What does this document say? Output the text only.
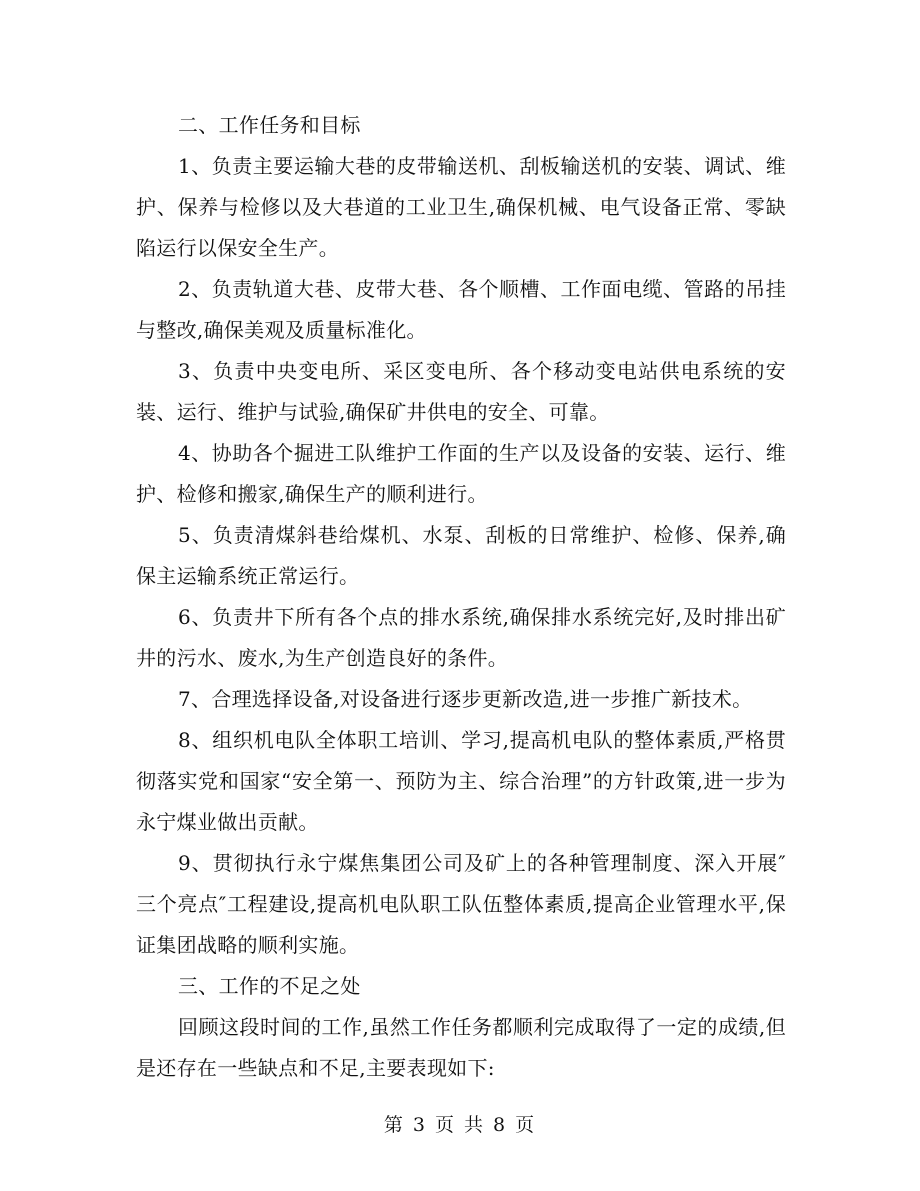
二、工作任务和目标

1、负责主要运输大巷的皮带输送机、刮板输送机的安装、调试、维护、保养与检修以及大巷道的工业卫生,确保机械、电气设备正常、零缺陷运行以保安全生产。

2、负责轨道大巷、皮带大巷、各个顺槽、工作面电缆、管路的吊挂与整改,确保美观及质量标准化。

3、负责中央变电所、采区变电所、各个移动变电站供电系统的安装、运行、维护与试验,确保矿井供电的安全、可靠。

4、协助各个掘进工队维护工作面的生产以及设备的安装、运行、维护、检修和搬家,确保生产的顺利进行。

5、负责清煤斜巷给煤机、水泵、刮板的日常维护、检修、保养,确保主运输系统正常运行。

6、负责井下所有各个点的排水系统,确保排水系统完好,及时排出矿井的污水、废水,为生产创造良好的条件。

7、合理选择设备,对设备进行逐步更新改造,进一步推广新技术。

8、组织机电队全体职工培训、学习,提高机电队的整体素质,严格贯彻落实党和国家“安全第一、预防为主、综合治理”的方针政策,进一步为永宁煤业做出贡献。

9、贯彻执行永宁煤焦集团公司及矿上的各种管理制度、深入开展″三个亮点″工程建设,提高机电队职工队伍整体素质,提高企业管理水平,保证集团战略的顺利实施。

三、工作的不足之处

回顾这段时间的工作,虽然工作任务都顺利完成取得了一定的成绩,但是还存在一些缺点和不足,主要表现如下:

第 3 页 共 8 页
